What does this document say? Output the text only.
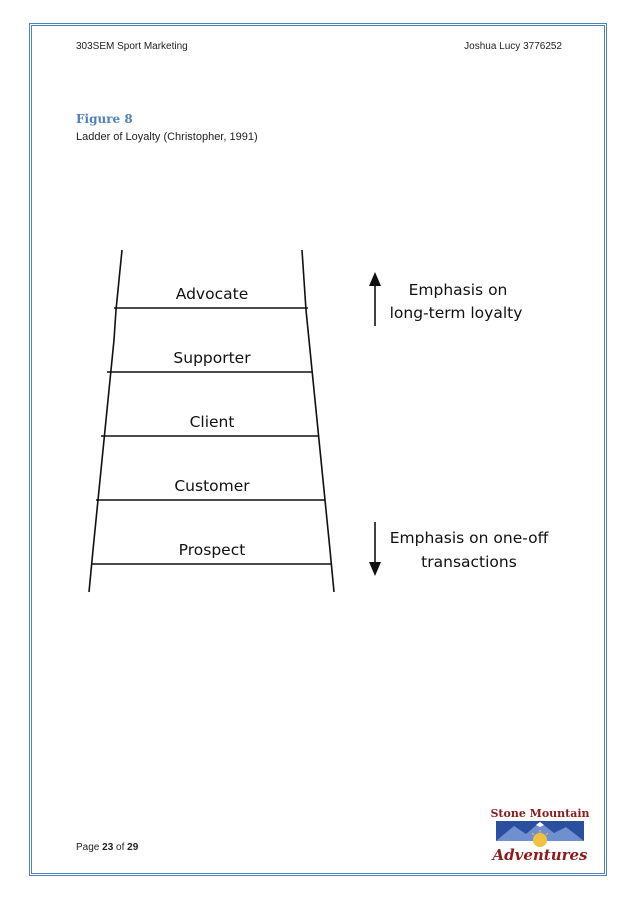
303SEM Sport Marketing	Joshua Lucy 3776252
Figure 8
Ladder of Loyalty (Christopher, 1991)
Advocate
Supporter
Client
Customer
Prospect
Emphasis on
long-term loyalty
Emphasis on one-off
transactions
Page 23 of 29
Stone Mountain
Adventures
